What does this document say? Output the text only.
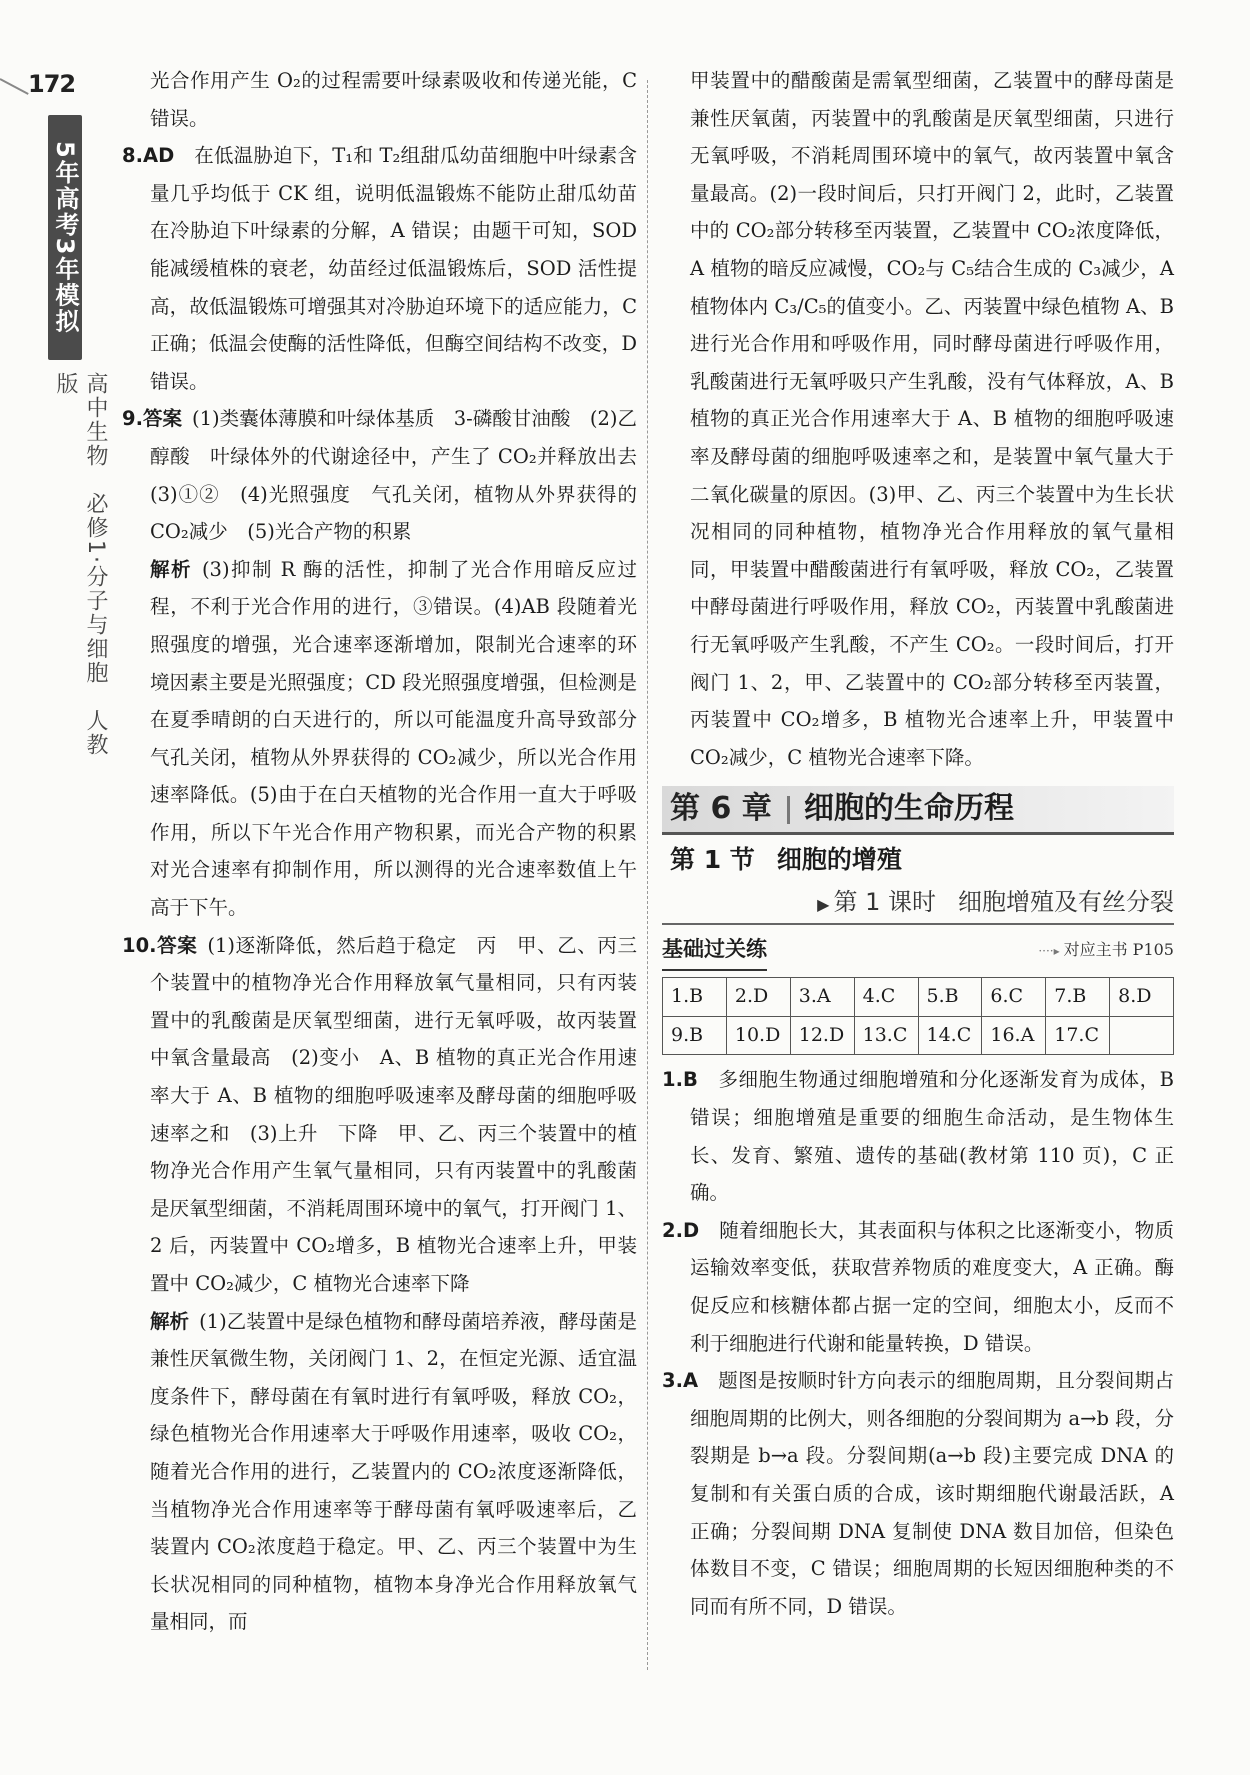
172
5年高考3年模拟
高中生物　必修1·分子与细胞　人教版

光合作用产生 O₂的过程需要叶绿素吸收和传递光能，C 错误。

8.AD　 在低温胁迫下，T₁和 T₂组甜瓜幼苗细胞中叶绿素含量几乎均低于 CK 组，说明低温锻炼不能防止甜瓜幼苗在冷胁迫下叶绿素的分解，A 错误；由题干可知，SOD 能减缓植株的衰老，幼苗经过低温锻炼后，SOD 活性提高，故低温锻炼可增强其对冷胁迫环境下的适应能力，C 正确；低温会使酶的活性降低，但酶空间结构不改变，D 错误。

9.答案 (1)类囊体薄膜和叶绿体基质　3-磷酸甘油酸　(2)乙醇酸　叶绿体外的代谢途径中，产生了 CO₂并释放出去　(3)①②　(4)光照强度　气孔关闭，植物从外界获得的 CO₂减少　(5)光合产物的积累

解析 (3)抑制 R 酶的活性，抑制了光合作用暗反应过程，不利于光合作用的进行，③错误。(4)AB 段随着光照强度的增强，光合速率逐渐增加，限制光合速率的环境因素主要是光照强度；CD 段光照强度增强，但检测是在夏季晴朗的白天进行的，所以可能温度升高导致部分气孔关闭，植物从外界获得的 CO₂减少，所以光合作用速率降低。(5)由于在白天植物的光合作用一直大于呼吸作用，所以下午光合作用产物积累，而光合产物的积累对光合速率有抑制作用，所以测得的光合速率数值上午高于下午。

10.答案 (1)逐渐降低，然后趋于稳定　丙　甲、乙、丙三个装置中的植物净光合作用释放氧气量相同，只有丙装置中的乳酸菌是厌氧型细菌，进行无氧呼吸，故丙装置中氧含量最高　(2)变小　A、B 植物的真正光合作用速率大于 A、B 植物的细胞呼吸速率及酵母菌的细胞呼吸速率之和　(3)上升　下降　甲、乙、丙三个装置中的植物净光合作用产生氧气量相同，只有丙装置中的乳酸菌是厌氧型细菌，不消耗周围环境中的氧气，打开阀门 1、2 后，丙装置中 CO₂增多，B 植物光合速率上升，甲装置中 CO₂减少，C 植物光合速率下降

解析 (1)乙装置中是绿色植物和酵母菌培养液，酵母菌是兼性厌氧微生物，关闭阀门 1、2，在恒定光源、适宜温度条件下，酵母菌在有氧时进行有氧呼吸，释放 CO₂，绿色植物光合作用速率大于呼吸作用速率，吸收 CO₂，随着光合作用的进行，乙装置内的 CO₂浓度逐渐降低，当植物净光合作用速率等于酵母菌有氧呼吸速率后，乙装置内 CO₂浓度趋于稳定。甲、乙、丙三个装置中为生长状况相同的同种植物，植物本身净光合作用释放氧气量相同，而

甲装置中的醋酸菌是需氧型细菌，乙装置中的酵母菌是兼性厌氧菌，丙装置中的乳酸菌是厌氧型细菌，只进行无氧呼吸，不消耗周围环境中的氧气，故丙装置中氧含量最高。(2)一段时间后，只打开阀门 2，此时，乙装置中的 CO₂部分转移至丙装置，乙装置中 CO₂浓度降低，A 植物的暗反应减慢，CO₂与 C₅结合生成的 C₃减少，A 植物体内 C₃/C₅的值变小。乙、丙装置中绿色植物 A、B 进行光合作用和呼吸作用，同时酵母菌进行呼吸作用，乳酸菌进行无氧呼吸只产生乳酸，没有气体释放，A、B 植物的真正光合作用速率大于 A、B 植物的细胞呼吸速率及酵母菌的细胞呼吸速率之和，是装置中氧气量大于二氧化碳量的原因。(3)甲、乙、丙三个装置中为生长状况相同的同种植物，植物净光合作用释放的氧气量相同，甲装置中醋酸菌进行有氧呼吸，释放 CO₂，乙装置中酵母菌进行呼吸作用，释放 CO₂，丙装置中乳酸菌进行无氧呼吸产生乳酸，不产生 CO₂。一段时间后，打开阀门 1、2，甲、乙装置中的 CO₂部分转移至丙装置，丙装置中 CO₂增多，B 植物光合速率上升，甲装置中 CO₂减少，C 植物光合速率下降。

第 6 章 细胞的生命历程
第 1 节 细胞的增殖
▶ 第 1 课时 细胞增殖及有丝分裂
基础过关练	····▸ 对应主书 P105
1.B	2.D	3.A	4.C	5.B	6.C	7.B	8.D
9.B	10.D	12.D	13.C	14.C	16.A	17.C	

1.B　 多细胞生物通过细胞增殖和分化逐渐发育为成体，B 错误；细胞增殖是重要的细胞生命活动，是生物体生长、发育、繁殖、遗传的基础(教材第 110 页)，C 正确。

2.D　 随着细胞长大，其表面积与体积之比逐渐变小，物质运输效率变低，获取营养物质的难度变大，A 正确。酶促反应和核糖体都占据一定的空间，细胞太小，反而不利于细胞进行代谢和能量转换，D 错误。

3.A　 题图是按顺时针方向表示的细胞周期，且分裂间期占细胞周期的比例大，则各细胞的分裂间期为 a→b 段，分裂期是 b→a 段。分裂间期(a→b 段)主要完成 DNA 的复制和有关蛋白质的合成，该时期细胞代谢最活跃，A 正确；分裂间期 DNA 复制使 DNA 数目加倍，但染色体数目不变，C 错误；细胞周期的长短因细胞种类的不同而有所不同，D 错误。
